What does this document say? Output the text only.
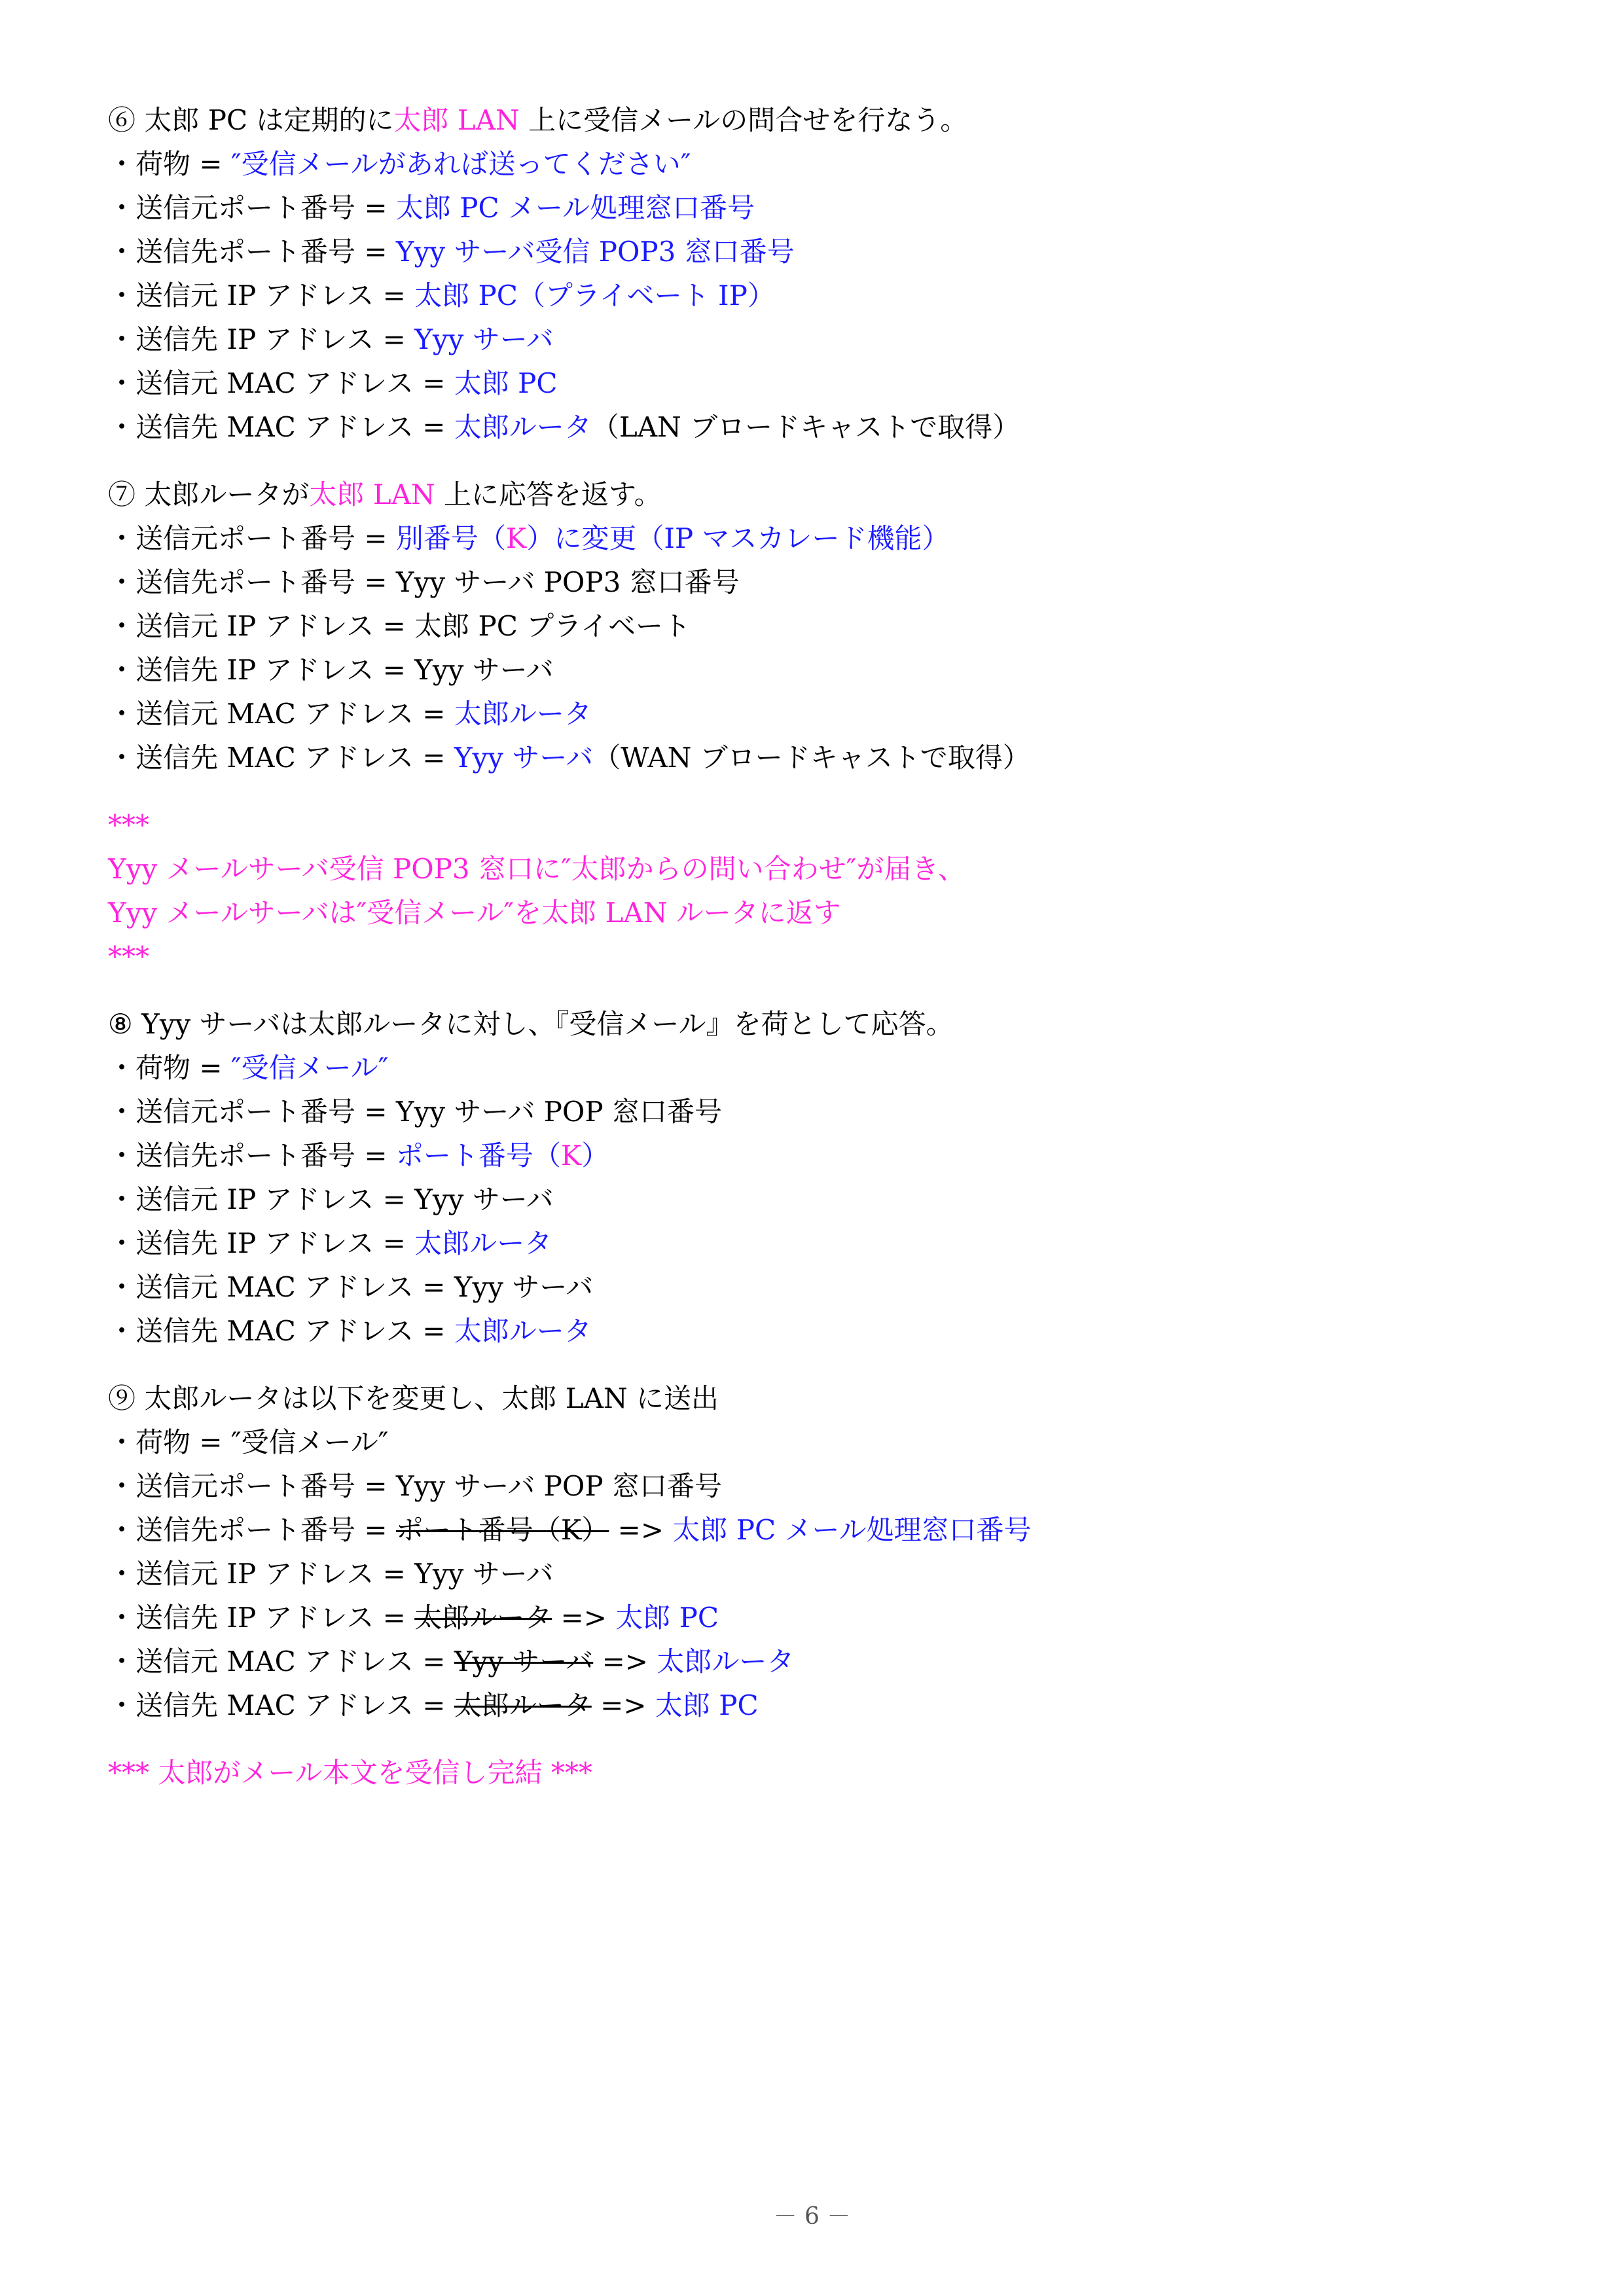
⑥ 太郎 PC は定期的に太郎 LAN 上に受信メールの問合せを行なう。
・荷物 = ″受信メールがあれば送ってください″
・送信元ポート番号 = 太郎 PC メール処理窓口番号
・送信先ポート番号 = Yyy サーバ受信 POP3 窓口番号
・送信元 IP アドレス = 太郎 PC（プライベート IP）
・送信先 IP アドレス = Yyy サーバ
・送信元 MAC アドレス = 太郎 PC
・送信先 MAC アドレス = 太郎ルータ（LAN ブロードキャストで取得）
⑦ 太郎ルータが太郎 LAN 上に応答を返す。
・送信元ポート番号 = 別番号（K）に変更（IP マスカレード機能）
・送信先ポート番号 = Yyy サーバ POP3 窓口番号
・送信元 IP アドレス = 太郎 PC プライベート
・送信先 IP アドレス = Yyy サーバ
・送信元 MAC アドレス = 太郎ルータ
・送信先 MAC アドレス = Yyy サーバ（WAN ブロードキャストで取得）
***
Yyy メールサーバ受信 POP3 窓口に″太郎からの問い合わせ″が届き、
Yyy メールサーバは″受信メール″を太郎 LAN ルータに返す
***
⑧ Yyy サーバは太郎ルータに対し、『受信メール』を荷として応答。
・荷物 = ″受信メール″
・送信元ポート番号 = Yyy サーバ POP 窓口番号
・送信先ポート番号 = ポート番号（K）
・送信元 IP アドレス = Yyy サーバ
・送信先 IP アドレス = 太郎ルータ
・送信元 MAC アドレス = Yyy サーバ
・送信先 MAC アドレス = 太郎ルータ
⑨ 太郎ルータは以下を変更し、太郎 LAN に送出
・荷物 = ″受信メール″
・送信元ポート番号 = Yyy サーバ POP 窓口番号
・送信先ポート番号 = ポート番号（K） => 太郎 PC メール処理窓口番号
・送信元 IP アドレス = Yyy サーバ
・送信先 IP アドレス = 太郎ルータ => 太郎 PC
・送信元 MAC アドレス = Yyy サーバ => 太郎ルータ
・送信先 MAC アドレス = 太郎ルータ => 太郎 PC
*** 太郎がメール本文を受信し完結 ***
－ 6 －
